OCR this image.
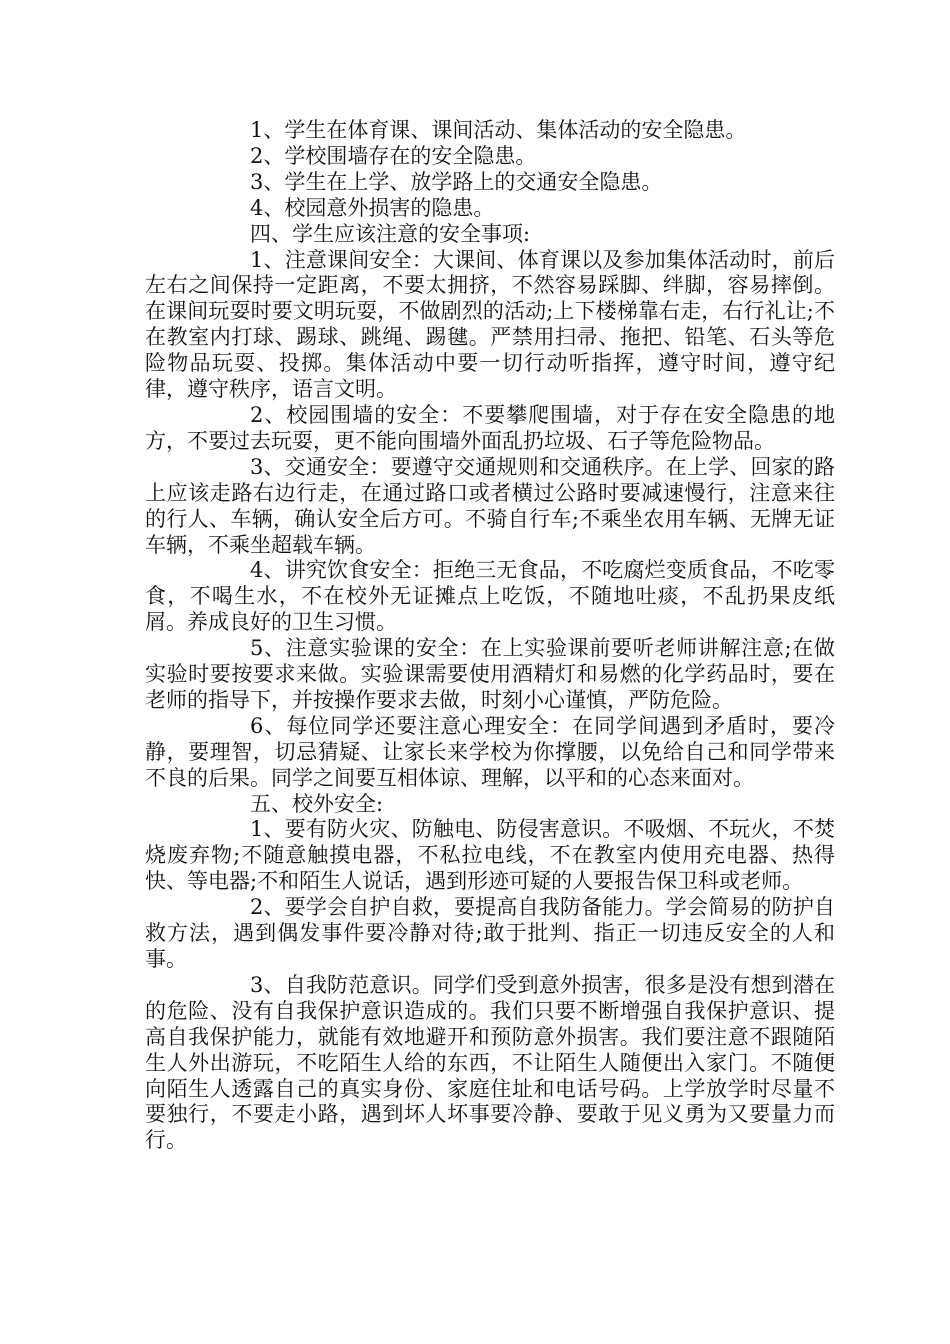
1、学生在体育课、课间活动、集体活动的安全隐患。

2、学校围墙存在的安全隐患。

3、学生在上学、放学路上的交通安全隐患。

4、校园意外损害的隐患。

四、学生应该注意的安全事项:

1、注意课间安全：大课间、体育课以及参加集体活动时，前后左右之间保持一定距离，不要太拥挤，不然容易踩脚、绊脚，容易摔倒。在课间玩耍时要文明玩耍，不做剧烈的活动;上下楼梯靠右走，右行礼让;不在教室内打球、踢球、跳绳、踢毽。严禁用扫帚、拖把、铅笔、石头等危险物品玩耍、投掷。集体活动中要一切行动听指挥，遵守时间，遵守纪律，遵守秩序，语言文明。

2、校园围墙的安全：不要攀爬围墙，对于存在安全隐患的地方，不要过去玩耍，更不能向围墙外面乱扔垃圾、石子等危险物品。

3、交通安全：要遵守交通规则和交通秩序。在上学、回家的路上应该走路右边行走，在通过路口或者横过公路时要减速慢行，注意来往的行人、车辆，确认安全后方可。不骑自行车;不乘坐农用车辆、无牌无证车辆，不乘坐超载车辆。

4、讲究饮食安全：拒绝三无食品，不吃腐烂变质食品，不吃零食，不喝生水，不在校外无证摊点上吃饭，不随地吐痰，不乱扔果皮纸屑。养成良好的卫生习惯。

5、注意实验课的安全：在上实验课前要听老师讲解注意;在做实验时要按要求来做。实验课需要使用酒精灯和易燃的化学药品时，要在老师的指导下，并按操作要求去做，时刻小心谨慎，严防危险。

6、每位同学还要注意心理安全：在同学间遇到矛盾时，要冷静，要理智，切忌猜疑、让家长来学校为你撑腰，以免给自己和同学带来不良的后果。同学之间要互相体谅、理解，以平和的心态来面对。

五、校外安全:

1、要有防火灾、防触电、防侵害意识。不吸烟、不玩火，不焚烧废弃物;不随意触摸电器，不私拉电线，不在教室内使用充电器、热得快、等电器;不和陌生人说话，遇到形迹可疑的人要报告保卫科或老师。

2、要学会自护自救，要提高自我防备能力。学会简易的防护自救方法，遇到偶发事件要冷静对待;敢于批判、指正一切违反安全的人和事。

3、自我防范意识。同学们受到意外损害，很多是没有想到潜在的危险、没有自我保护意识造成的。我们只要不断增强自我保护意识、提高自我保护能力，就能有效地避开和预防意外损害。我们要注意不跟随陌生人外出游玩，不吃陌生人给的东西，不让陌生人随便出入家门。不随便向陌生人透露自己的真实身份、家庭住址和电话号码。上学放学时尽量不要独行，不要走小路，遇到坏人坏事要冷静、要敢于见义勇为又要量力而行。
